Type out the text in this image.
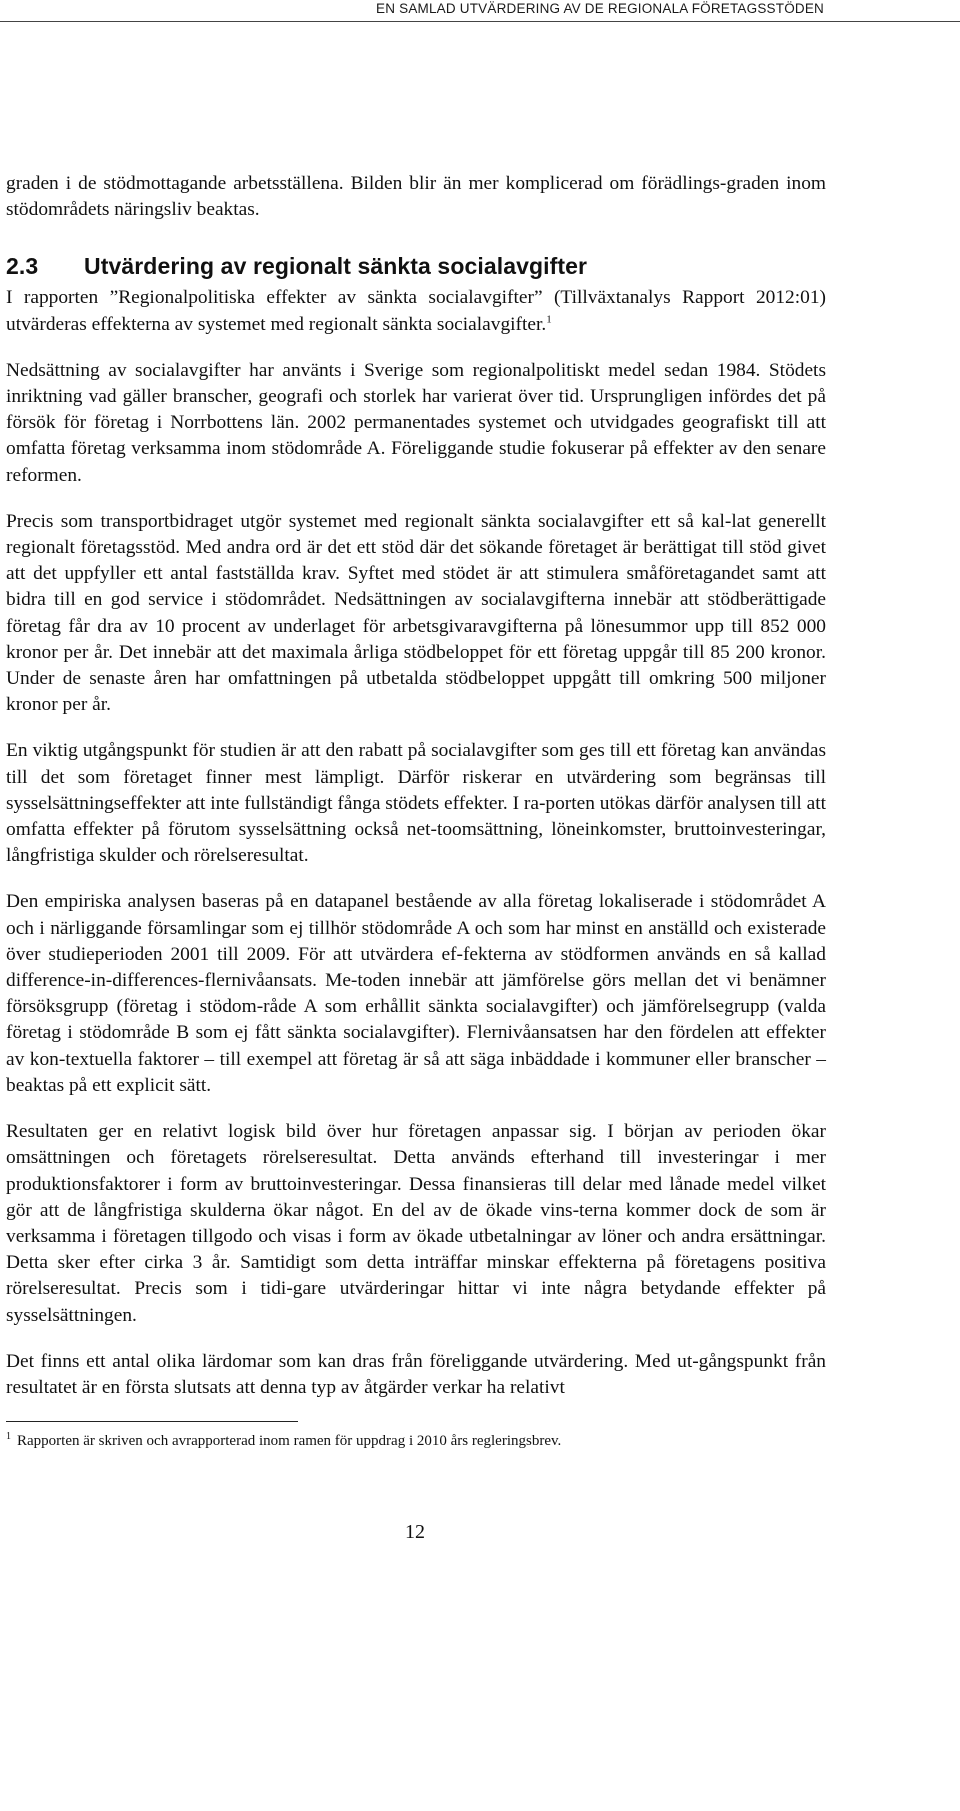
EN SAMLAD UTVÄRDERING AV DE REGIONALA FÖRETAGSSTÖDEN

graden i de stödmottagande arbetsställena. Bilden blir än mer komplicerad om förädlings-graden inom stödområdets näringsliv beaktas.

2.3 Utvärdering av regionalt sänkta socialavgifter

I rapporten ”Regionalpolitiska effekter av sänkta socialavgifter” (Tillväxtanalys Rapport 2012:01) utvärderas effekterna av systemet med regionalt sänkta socialavgifter.$^1$

Nedsättning av socialavgifter har använts i Sverige som regionalpolitiskt medel sedan 1984. Stödets inriktning vad gäller branscher, geografi och storlek har varierat över tid. Ursprungligen infördes det på försök för företag i Norrbottens län. 2002 permanentades systemet och utvidgades geografiskt till att omfatta företag verksamma inom stödområde A. Föreliggande studie fokuserar på effekter av den senare reformen.

Precis som transportbidraget utgör systemet med regionalt sänkta socialavgifter ett så kal-lat generellt regionalt företagsstöd. Med andra ord är det ett stöd där det sökande företaget är berättigat till stöd givet att det uppfyller ett antal fastställda krav. Syftet med stödet är att stimulera småföretagandet samt att bidra till en god service i stödområdet. Nedsättningen av socialavgifterna innebär att stödberättigade företag får dra av 10 procent av underlaget för arbetsgivaravgifterna på lönesummor upp till 852 000 kronor per år. Det innebär att det maximala årliga stödbeloppet för ett företag uppgår till 85 200 kronor. Under de senaste åren har omfattningen på utbetalda stödbeloppet uppgått till omkring 500 miljoner kronor per år.

En viktig utgångspunkt för studien är att den rabatt på socialavgifter som ges till ett företag kan användas till det som företaget finner mest lämpligt. Därför riskerar en utvärdering som begränsas till sysselsättningseffekter att inte fullständigt fånga stödets effekter. I ra-porten utökas därför analysen till att omfatta effekter på förutom sysselsättning också net-toomsättning, löneinkomster, bruttoinvesteringar, långfristiga skulder och rörelseresultat.

Den empiriska analysen baseras på en datapanel bestående av alla företag lokaliserade i stödområdet A och i närliggande församlingar som ej tillhör stödområde A och som har minst en anställd och existerade över studieperioden 2001 till 2009. För att utvärdera ef-fekterna av stödformen används en så kallad difference-in-differences-flernivåansats. Me-toden innebär att jämförelse görs mellan det vi benämner försöksgrupp (företag i stödom-råde A som erhållit sänkta socialavgifter) och jämförelsegrupp (valda företag i stödområde B som ej fått sänkta socialavgifter). Flernivåansatsen har den fördelen att effekter av kon-textuella faktorer – till exempel att företag är så att säga inbäddade i kommuner eller branscher – beaktas på ett explicit sätt.

Resultaten ger en relativt logisk bild över hur företagen anpassar sig. I början av perioden ökar omsättningen och företagets rörelseresultat. Detta används efterhand till investeringar i mer produktionsfaktorer i form av bruttoinvesteringar. Dessa finansieras till delar med lånade medel vilket gör att de långfristiga skulderna ökar något. En del av de ökade vins-terna kommer dock de som är verksamma i företagen tillgodo och visas i form av ökade utbetalningar av löner och andra ersättningar. Detta sker efter cirka 3 år. Samtidigt som detta inträffar minskar effekterna på företagens positiva rörelseresultat. Precis som i tidi-gare utvärderingar hittar vi inte några betydande effekter på sysselsättningen.

Det finns ett antal olika lärdomar som kan dras från föreliggande utvärdering. Med ut-gångspunkt från resultatet är en första slutsats att denna typ av åtgärder verkar ha relativt

$^1$ Rapporten är skriven och avrapporterad inom ramen för uppdrag i 2010 års regleringsbrev.
12
